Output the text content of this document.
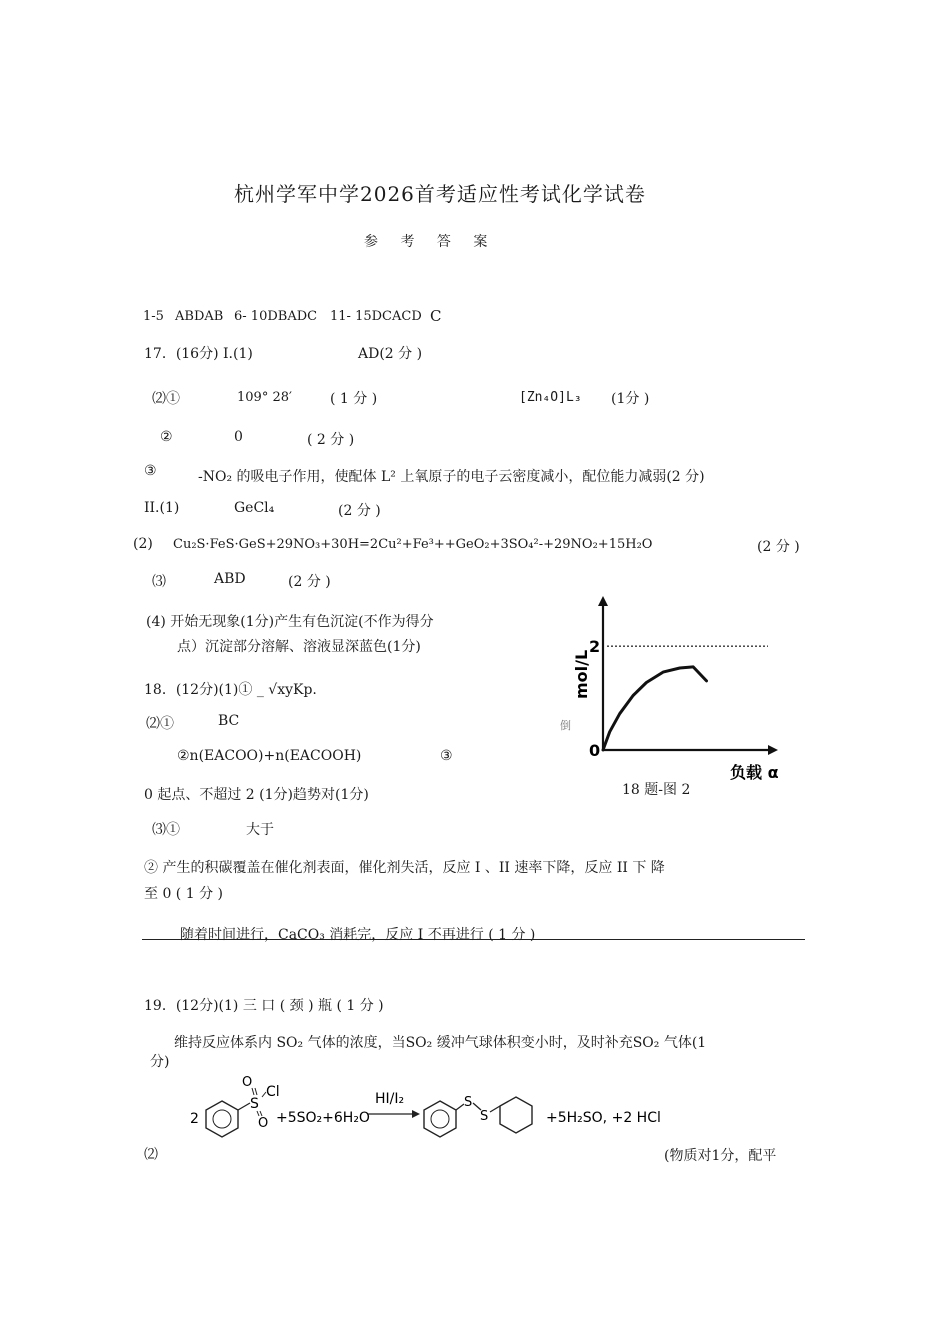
杭州学军中学2026首考适应性考试化学试卷
参 考 答 案
1-5 ABDAB 6- 10DBADC 11- 15DCACD C
17．(16分) I.(1)	AD(2 分 )
⑵①	109° 28′	( 1 分 )	[Zn₄O]L₃ (1分 )
②	0	( 2 分 )
③	-NO₂ 的吸电子作用，使配体 L² 上氧原子的电子云密度减小，配位能力减弱(2 分)
II.(1)	GeCl₄	(2 分 )
(2) Cu₂S·FeS·GeS+29NO₃+30H=2Cu²+Fe³++GeO₂+3SO₄²-+29NO₂+15H₂O	(2 分 )
⑶	ABD	(2 分 )
(4) 开始无现象(1分)产生有色沉淀(不作为得分
点）沉淀部分溶解、溶液显深蓝色(1分)
18．(12分)(1)① _ √xyKp.
⑵①	BC
②n(EACOO)+n(EACOOH)	③
0 起点、不超过 2 (1分)趋势对(1分)
⑶①	大于
② 产生的积碳覆盖在催化剂表面，催化剂失活，反应 I 、II 速率下降，反应 II 下 降
至 0 ( 1 分 )
随着时间进行，CaCO₃ 消耗完，反应 I 不再进行 ( 1 分 )
2
0
mol/L
负载 α
18 题-图 2
倒
19．(12分)(1) 三 口 ( 颈 ) 瓶 ( 1 分 )
维持反应体系内 SO₂ 气体的浓度，当SO₂ 缓冲气球体积变小时，及时补充SO₂ 气体(1
分)
2
S
O
Cl
O +5SO₂+6H₂O
HI/I₂	S
S	+5H₂SO, +2 HCl
⑵	(物质对1分，配平
